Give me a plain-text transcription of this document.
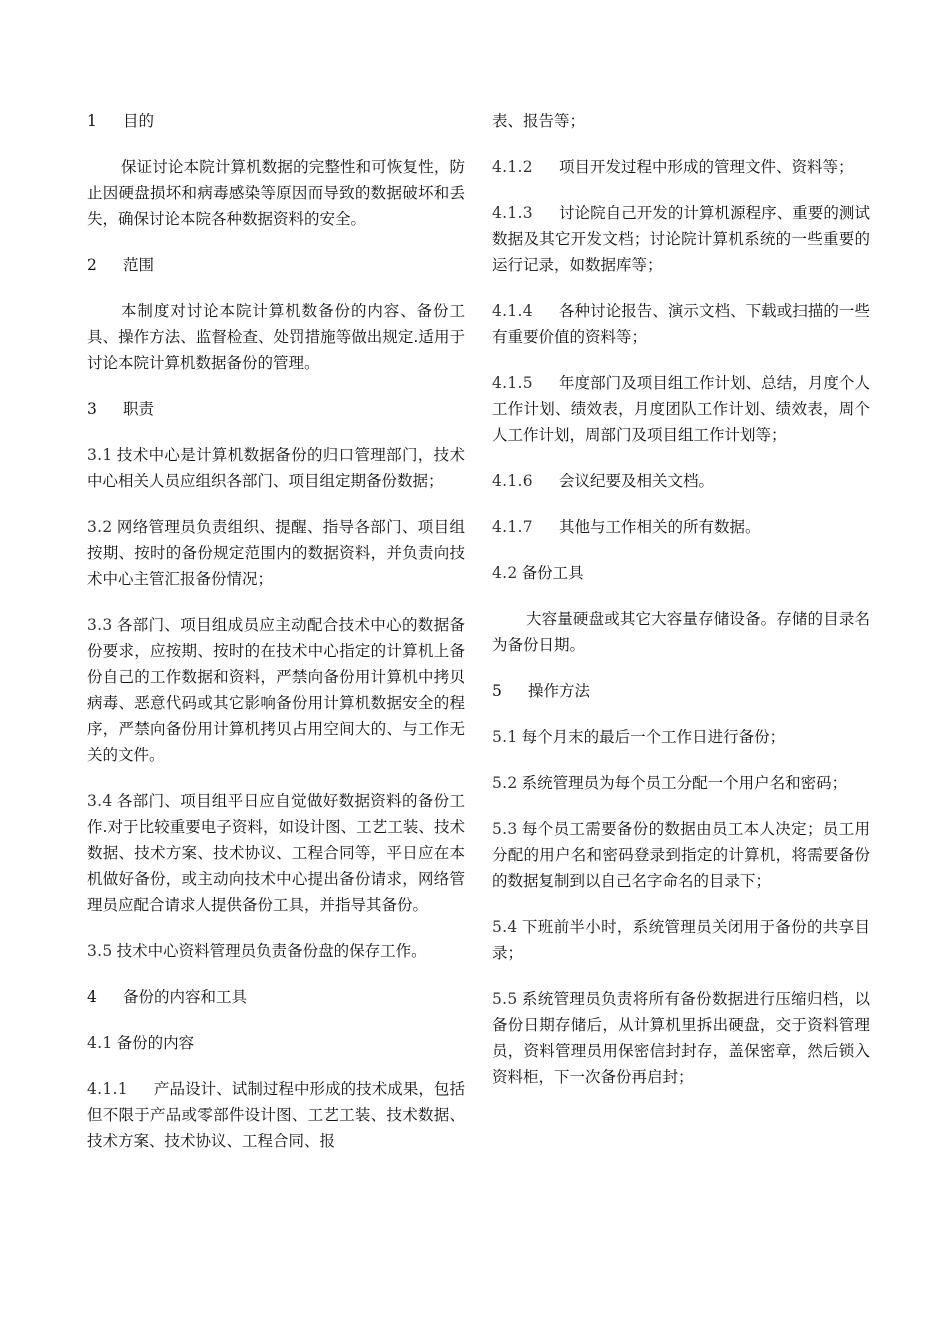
1 目的
保证讨论本院计算机数据的完整性和可恢复性，防止因硬盘损坏和病毒感染等原因而导致的数据破坏和丢失，确保讨论本院各种数据资料的安全。
2 范围
本制度对讨论本院计算机数备份的内容、备份工具、操作方法、监督检查、处罚措施等做出规定.适用于讨论本院计算机数据备份的管理。
3 职责
3.1 技术中心是计算机数据备份的归口管理部门，技术中心相关人员应组织各部门、项目组定期备份数据；
3.2 网络管理员负责组织、提醒、指导各部门、项目组按期、按时的备份规定范围内的数据资料，并负责向技术中心主管汇报备份情况；
3.3 各部门、项目组成员应主动配合技术中心的数据备份要求，应按期、按时的在技术中心指定的计算机上备份自己的工作数据和资料，严禁向备份用计算机中拷贝病毒、恶意代码或其它影响备份用计算机数据安全的程序，严禁向备份用计算机拷贝占用空间大的、与工作无关的文件。
3.4 各部门、项目组平日应自觉做好数据资料的备份工作.对于比较重要电子资料，如设计图、工艺工装、技术数据、技术方案、技术协议、工程合同等，平日应在本机做好备份，或主动向技术中心提出备份请求，网络管理员应配合请求人提供备份工具，并指导其备份。
3.5 技术中心资料管理员负责备份盘的保存工作。
4 备份的内容和工具
4.1 备份的内容
4.1.1 产品设计、试制过程中形成的技术成果，包括但不限于产品或零部件设计图、工艺工装、技术数据、技术方案、技术协议、工程合同、报
表、报告等；
4.1.2 项目开发过程中形成的管理文件、资料等；
4.1.3 讨论院自己开发的计算机源程序、重要的测试数据及其它开发文档；讨论院计算机系统的一些重要的运行记录，如数据库等；
4.1.4 各种讨论报告、演示文档、下载或扫描的一些有重要价值的资料等；
4.1.5 年度部门及项目组工作计划、总结，月度个人工作计划、绩效表，月度团队工作计划、绩效表，周个人工作计划，周部门及项目组工作计划等；
4.1.6 会议纪要及相关文档。
4.1.7 其他与工作相关的所有数据。
4.2 备份工具
大容量硬盘或其它大容量存储设备。存储的目录名为备份日期。
5 操作方法
5.1 每个月末的最后一个工作日进行备份；
5.2 系统管理员为每个员工分配一个用户名和密码；
5.3 每个员工需要备份的数据由员工本人决定；员工用分配的用户名和密码登录到指定的计算机，将需要备份的数据复制到以自己名字命名的目录下；
5.4 下班前半小时，系统管理员关闭用于备份的共享目录；
5.5 系统管理员负责将所有备份数据进行压缩归档，以备份日期存储后，从计算机里拆出硬盘，交于资料管理员，资料管理员用保密信封封存，盖保密章，然后锁入资料柜，下一次备份再启封；
